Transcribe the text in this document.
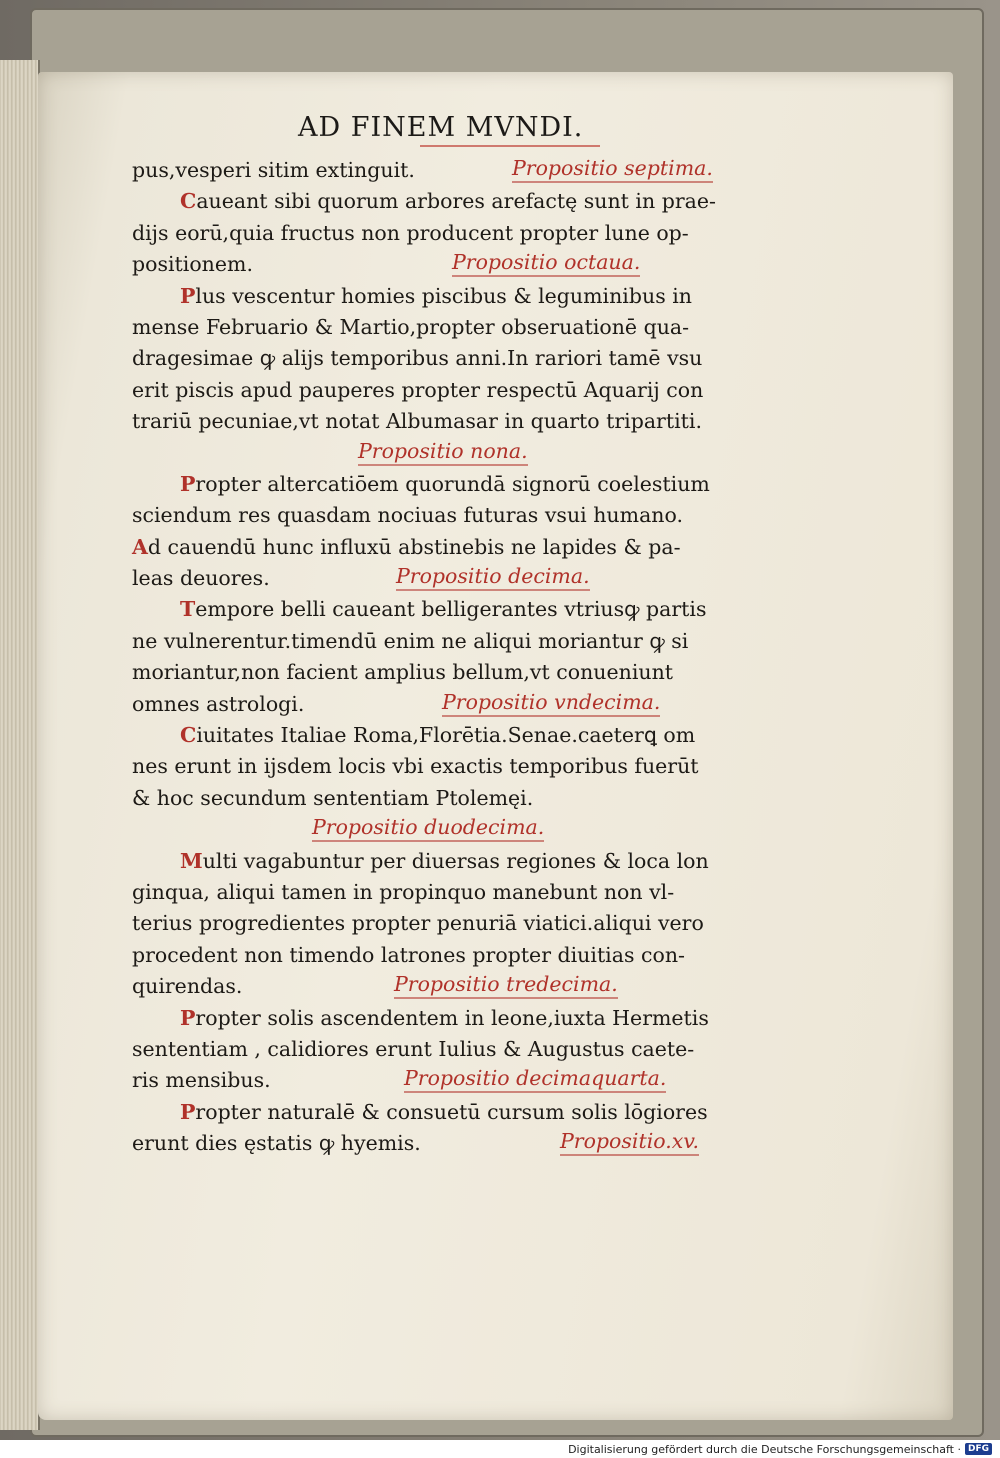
AD FINEM MVNDI.
pus,vesperi sitim extinguit.	Propositio septima.
Caueant sibi quorum arbores arefactę sunt in prae-
dijs eorū,quia fructus non producent propter lune op-
positionem.	Propositio octaua.
Plus vescentur homies piscibus & leguminibus in
mense Februario & Martio,propter obseruationē qua-
dragesimae ꝙ alijs temporibus anni.In rariori tamē vsu
erit piscis apud pauperes propter respectū Aquarij con
trariū pecuniae,vt notat Albumasar in quarto tripartiti.
Propositio nona.
Propter altercatiōem quorundā signorū coelestium
sciendum res quasdam nociuas futuras vsui humano.
Ad cauendū hunc influxū abstinebis ne lapides & pa-
leas deuores.	Propositio decima.
Tempore belli caueant belligerantes vtriusꝙ partis
ne vulnerentur.timendū enim ne aliqui moriantur ꝙ si
moriantur,non facient amplius bellum,vt conueniunt
omnes astrologi.	Propositio vndecima.
Ciuitates Italiae Roma,Florētia.Senae.caeterꝗ om
nes erunt in ijsdem locis vbi exactis temporibus fuerūt
& hoc secundum sententiam Ptolemęi.
Propositio duodecima.
Multi vagabuntur per diuersas regiones & loca lon
ginqua, aliqui tamen in propinquo manebunt non vl-
terius progredientes propter penuriā viatici.aliqui vero
procedent non timendo latrones propter diuitias con-
quirendas.	Propositio tredecima.
Propter solis ascendentem in leone,iuxta Hermetis
sententiam , calidiores erunt Iulius & Augustus caete-
ris mensibus.	Propositio decimaquarta.
Propter naturalē & consuetū cursum solis lōgiores
erunt dies ęstatis ꝙ hyemis.	Propositio.xv.
Digitalisierung gefördert durch die Deutsche Forschungsgemeinschaft · DFG
